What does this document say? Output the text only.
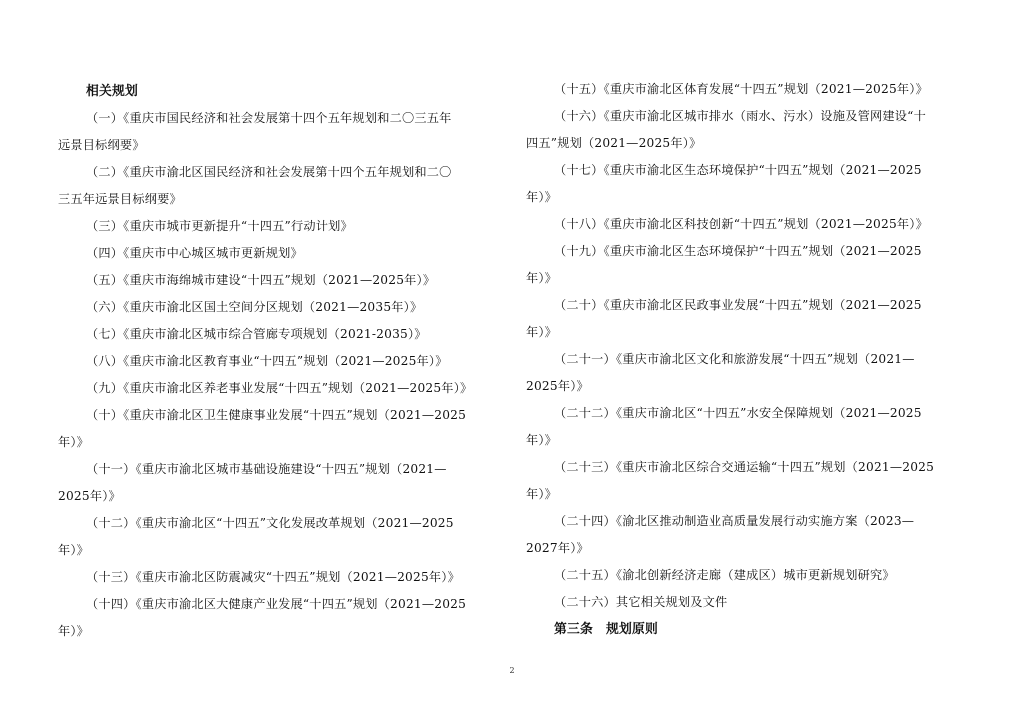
相关规划
（一）《重庆市国民经济和社会发展第十四个五年规划和二〇三五年
远景目标纲要》
（二）《重庆市渝北区国民经济和社会发展第十四个五年规划和二〇
三五年远景目标纲要》
（三）《重庆市城市更新提升“十四五”行动计划》
（四）《重庆市中心城区城市更新规划》
（五）《重庆市海绵城市建设“十四五”规划（2021—2025年）》
（六）《重庆市渝北区国土空间分区规划（2021—2035年）》
（七）《重庆市渝北区城市综合管廊专项规划（2021-2035）》
（八）《重庆市渝北区教育事业“十四五”规划（2021—2025年）》
（九）《重庆市渝北区养老事业发展“十四五”规划（2021—2025年）》
（十）《重庆市渝北区卫生健康事业发展“十四五”规划（2021—2025
年）》
（十一）《重庆市渝北区城市基础设施建设“十四五”规划（2021—
2025年）》
（十二）《重庆市渝北区“十四五”文化发展改革规划（2021—2025
年）》
（十三）《重庆市渝北区防震减灾“十四五”规划（2021—2025年）》
（十四）《重庆市渝北区大健康产业发展“十四五”规划（2021—2025
年）》
（十五）《重庆市渝北区体育发展“十四五”规划（2021—2025年）》
（十六）《重庆市渝北区城市排水（雨水、污水）设施及管网建设“十
四五”规划（2021—2025年）》
（十七）《重庆市渝北区生态环境保护“十四五”规划（2021—2025
年）》
（十八）《重庆市渝北区科技创新“十四五”规划（2021—2025年）》
（十九）《重庆市渝北区生态环境保护“十四五”规划（2021—2025
年）》
（二十）《重庆市渝北区民政事业发展“十四五”规划（2021—2025
年）》
（二十一）《重庆市渝北区文化和旅游发展“十四五”规划（2021—
2025年）》
（二十二）《重庆市渝北区“十四五”水安全保障规划（2021—2025
年）》
（二十三）《重庆市渝北区综合交通运输“十四五”规划（2021—2025
年）》
（二十四）《渝北区推动制造业高质量发展行动实施方案（2023—
2027年）》
（二十五）《渝北创新经济走廊（建成区）城市更新规划研究》
（二十六）其它相关规划及文件
第三条　规划原则
2
